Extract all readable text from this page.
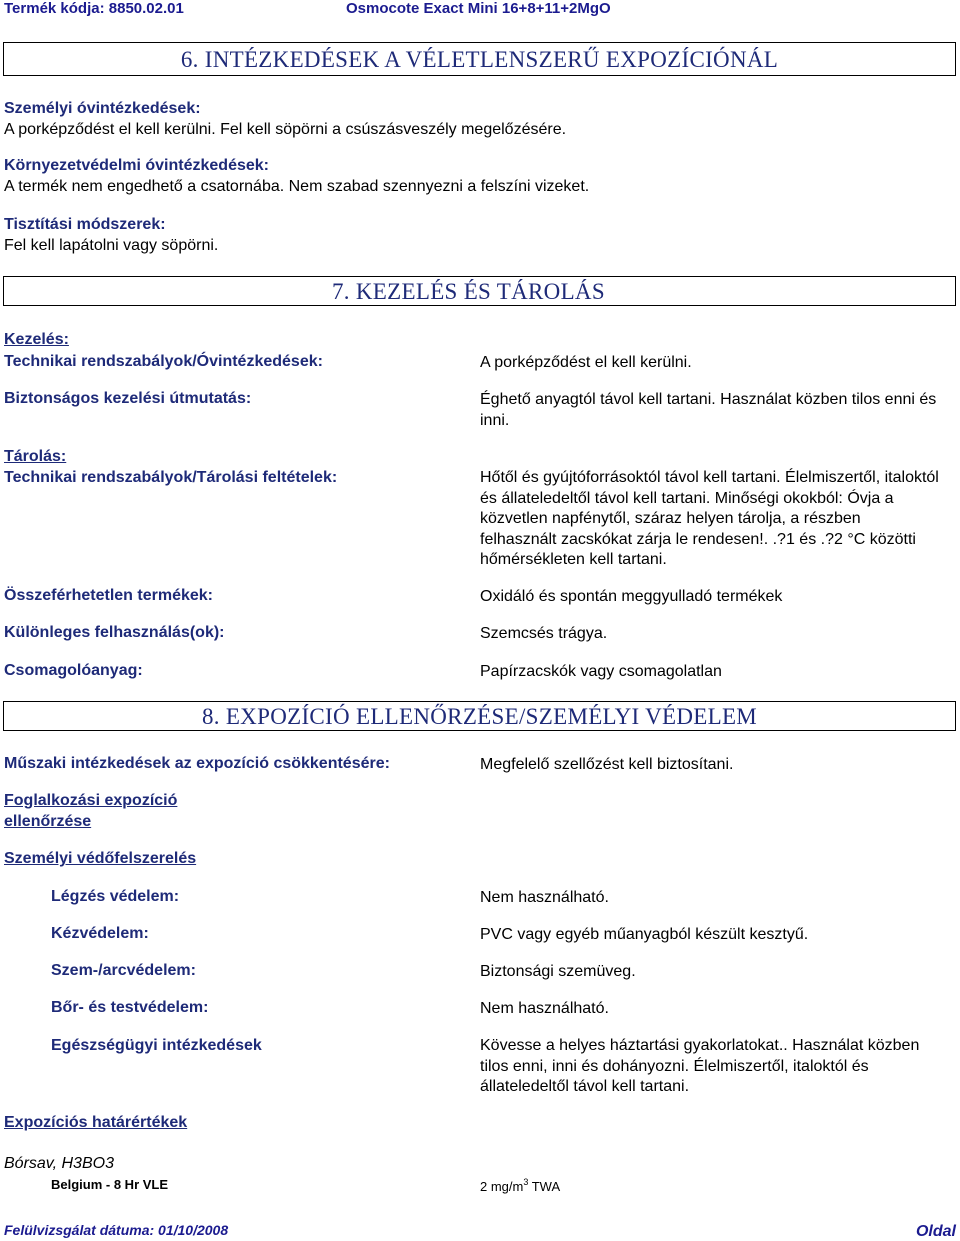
Termék kódja: 8850.02.01	Osmocote Exact Mini 16+8+11+2MgO
6. INTÉZKEDÉSEK A VÉLETLENSZERŰ EXPOZÍCIÓNÁL
Személyi óvintézkedések:
A porképződést el kell kerülni. Fel kell söpörni a csúszásveszély megelőzésére.
Környezetvédelmi óvintézkedések:
A termék nem engedhető a csatornába. Nem szabad szennyezni a felszíni vizeket.
Tisztítási módszerek:
Fel kell lapátolni vagy söpörni.
7. KEZELÉS ÉS TÁROLÁS
Kezelés:
Technikai rendszabályok/Óvintézkedések:	A porképződést el kell kerülni.
Biztonságos kezelési útmutatás:	Éghető anyagtól távol kell tartani. Használat közben tilos enni és inni.
Tárolás:
Technikai rendszabályok/Tárolási feltételek:	Hőtől és gyújtóforrásoktól távol kell tartani. Élelmiszertől, italoktól és állateledeltől távol kell tartani. Minőségi okokból: Óvja a közvetlen napfénytől, száraz helyen tárolja, a részben felhasznált zacskókat zárja le rendesen!. .?1 és .?2 °C közötti hőmérsékleten kell tartani.
Összeférhetetlen termékek:	Oxidáló és spontán meggyulladó termékek
Különleges felhasználás(ok):	Szemcsés trágya.
Csomagolóanyag:	Papírzacskók vagy csomagolatlan
8. EXPOZÍCIÓ ELLENŐRZÉSE/SZEMÉLYI VÉDELEM
Műszaki intézkedések az expozíció csökkentésére:	Megfelelő szellőzést kell biztosítani.
Foglalkozási expozíció
ellenőrzése
Személyi védőfelszerelés
Légzés védelem:	Nem használható.
Kézvédelem:	PVC vagy egyéb műanyagból készült kesztyű.
Szem-/arcvédelem:	Biztonsági szemüveg.
Bőr- és testvédelem:	Nem használható.
Egészségügyi intézkedések	Kövesse a helyes háztartási gyakorlatokat.. Használat közben tilos enni, inni és dohányozni. Élelmiszertől, italoktól és állateledeltől távol kell tartani.
Expozíciós határértékek
Bórsav, H3BO3
Belgium - 8 Hr VLE	2 $mg/m^3$ TWA
Felülvizsgálat dátuma: 01/10/2008	Oldal
